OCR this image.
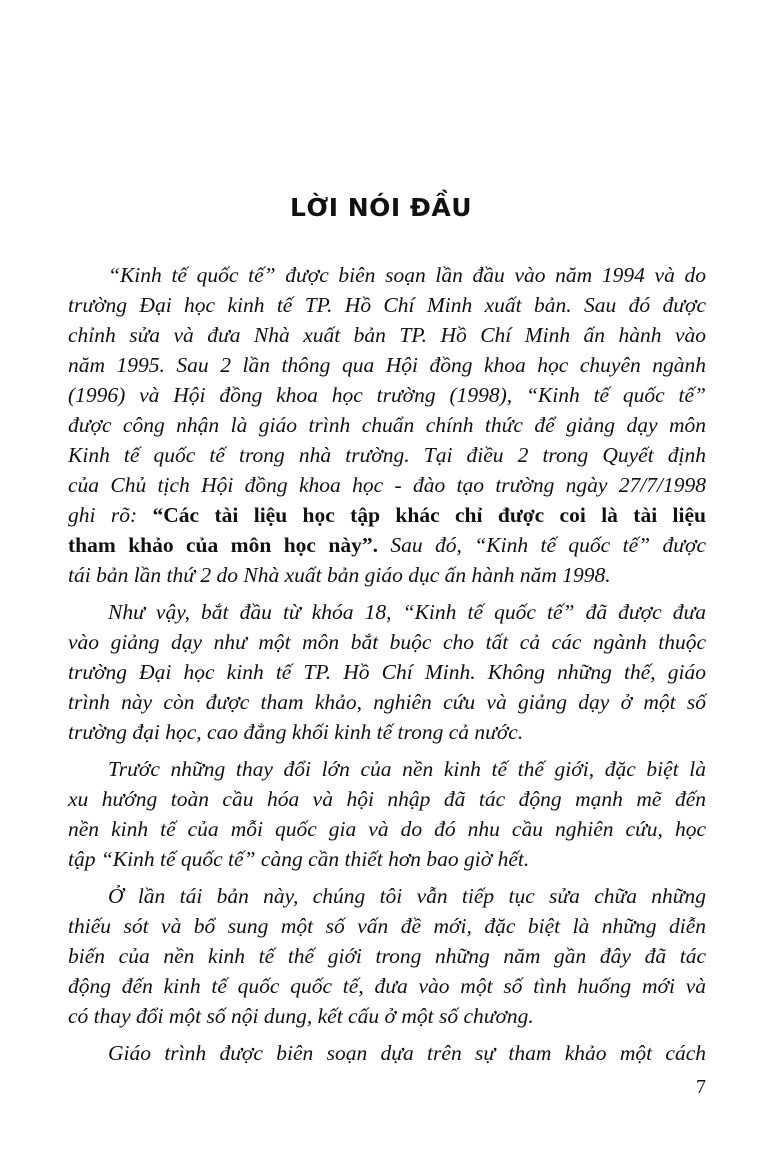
LỜI NÓI ĐẦU

“Kinh tế quốc tế” được biên soạn lần đầu vào năm 1994 và do

trường Đại học kinh tế TP. Hồ Chí Minh xuất bản. Sau đó được

chỉnh sửa và đưa Nhà xuất bản TP. Hồ Chí Minh ấn hành vào

năm 1995. Sau 2 lần thông qua Hội đồng khoa học chuyên ngành

(1996) và Hội đồng khoa học trường (1998), “Kinh tế quốc tế”

được công nhận là giáo trình chuẩn chính thức để giảng dạy môn

Kinh tế quốc tế trong nhà trường. Tại điều 2 trong Quyết định

của Chủ tịch Hội đồng khoa học - đào tạo trường ngày 27/7/1998

ghi rõ: “Các tài liệu học tập khác chỉ được coi là tài liệu

tham khảo của môn học này”. Sau đó, “Kinh tế quốc tế” được

tái bản lần thứ 2 do Nhà xuất bản giáo dục ấn hành năm 1998.

Như vậy, bắt đầu từ khóa 18, “Kinh tế quốc tế” đã được đưa

vào giảng dạy như một môn bắt buộc cho tất cả các ngành thuộc

trường Đại học kinh tế TP. Hồ Chí Minh. Không những thế, giáo

trình này còn được tham khảo, nghiên cứu và giảng dạy ở một số

trường đại học, cao đẳng khối kinh tế trong cả nước.

Trước những thay đổi lớn của nền kinh tế thế giới, đặc biệt là

xu hướng toàn cầu hóa và hội nhập đã tác động mạnh mẽ đến

nền kinh tế của mỗi quốc gia và do đó nhu cầu nghiên cứu, học

tập “Kinh tế quốc tế” càng cần thiết hơn bao giờ hết.

Ở lần tái bản này, chúng tôi vẫn tiếp tục sửa chữa những

thiếu sót và bổ sung một số vấn đề mới, đặc biệt là những diễn

biến của nền kinh tế thế giới trong những năm gần đây đã tác

động đến kinh tế quốc quốc tế, đưa vào một số tình huống mới và

có thay đổi một số nội dung, kết cấu ở một số chương.

Giáo trình được biên soạn dựa trên sự tham khảo một cách

7
